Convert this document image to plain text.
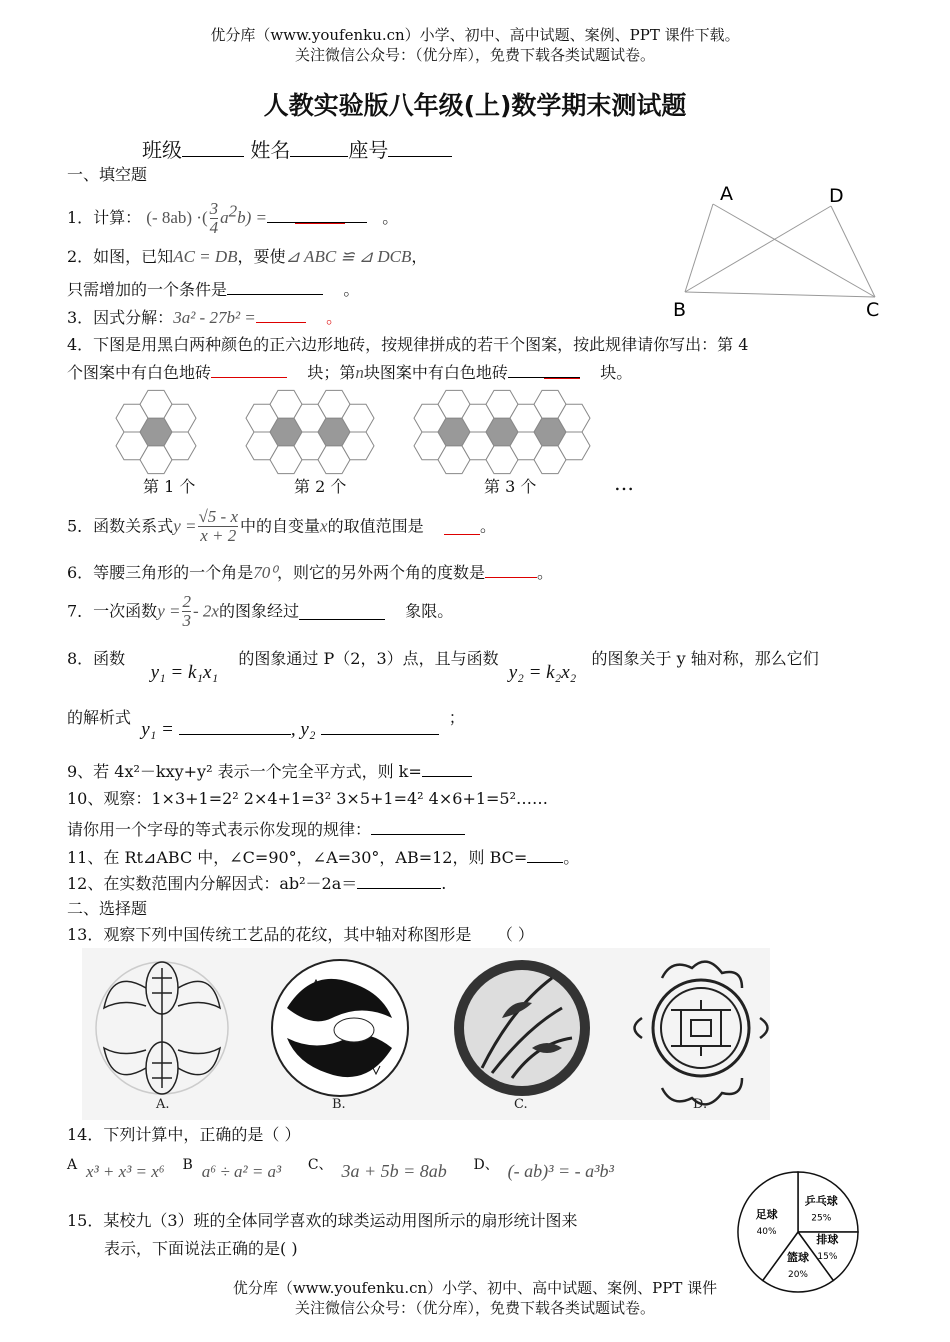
优分库（www.youfenku.cn）小学、初中、高中试题、案例、PPT 课件下载。
关注微信公众号：（优分库），免费下载各类试题试卷。
人教实验版八年级(上)数学期末测试题
班级	姓名	座号
一、填空题
1．计算： (- 8ab) ·( $\frac{3}{4} a^2b$) =	。
2．如图，已知AC = DB，要使⊿ ABC ≌ ⊿ DCB，
只需增加的一个条件是	。
3．因式分解：3a² - 27b² =	。
A	D
B	C
4．下图是用黑白两种颜色的正六边形地砖，按规律拼成的若干个图案，按此规律请你写出：第 4
个图案中有白色地砖	块；第n块图案中有白色地砖	块。
第 1 个	第 2 个	第 3 个	…
5．函数关系式$y = \frac{√5 - x}{x + 2}$ 中的自变量x的取值范围是	。
6．等腰三角形的一个角是70⁰，则它的另外两个角的度数是	。
7．一次函数$y = \frac{2}{3} - 2x$的图象经过	象限。
8．函数     y₁ = k₁x₁    的图象通过 P（2，3）点，且与函数  y₂ = k₂x₂   的图象关于 y 轴对称，那么它们
的解析式  y₁ =	, y₂   ；
9、若 4x²－kxy+y² 表示一个完全平方式，则 k=
10、观察：1×3+1=2² 2×4+1=3² 3×5+1=4² 4×6+1=5²……
请你用一个字母的等式表示你发现的规律：
11、在 Rt⊿ABC 中，∠C=90°，∠A=30°，AB=12，则 BC= 。
12、在实数范围内分解因式：ab²－2a＝	.
二、选择题
13．观察下列中国传统工艺品的花纹，其中轴对称图形是 （ ）
A.	B.	C.	D.
14．下列计算中，正确的是（ ）
A x³ + x³ = x⁶ B a⁶ ÷ a² = a³ C、 3a + 5b = 8ab D、 (- ab)³ = - a³b³
15．某校九（3）班的全体同学喜欢的球类运动用图所示的扇形统计图来
表示，下面说法正确的是( )
乒乓球
25%
排球
15%
篮球
20%
足球
40%
优分库（www.youfenku.cn）小学、初中、高中试题、案例、PPT 课件
关注微信公众号：（优分库），免费下载各类试题试卷。
